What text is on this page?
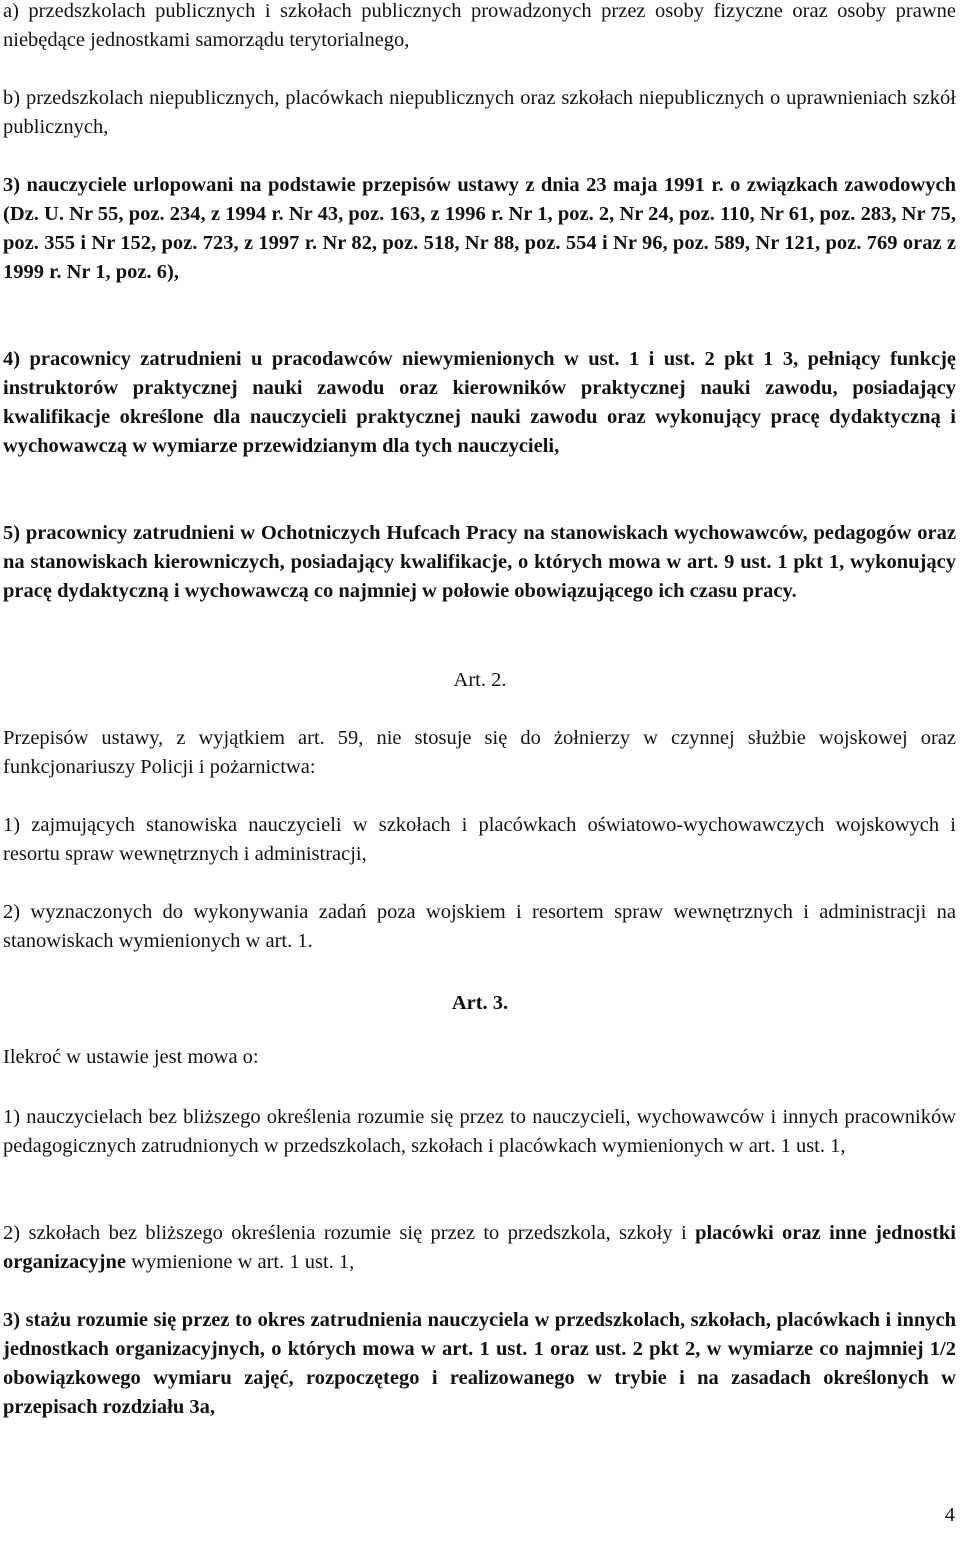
a) przedszkolach publicznych i szkołach publicznych prowadzonych przez osoby fizyczne oraz osoby prawne niebędące jednostkami samorządu terytorialnego,

b) przedszkolach niepublicznych, placówkach niepublicznych oraz szkołach niepublicznych o uprawnieniach szkół publicznych,

3) nauczyciele urlopowani na podstawie przepisów ustawy z dnia 23 maja 1991 r. o związkach zawodowych (Dz. U. Nr 55, poz. 234, z 1994 r. Nr 43, poz. 163, z 1996 r. Nr 1, poz. 2, Nr 24, poz. 110, Nr 61, poz. 283, Nr 75, poz. 355 i Nr 152, poz. 723, z 1997 r. Nr 82, poz. 518, Nr 88, poz. 554 i Nr 96, poz. 589, Nr 121, poz. 769 oraz z 1999 r. Nr 1, poz. 6),

4) pracownicy zatrudnieni u pracodawców niewymienionych w ust. 1 i ust. 2 pkt 1 3, pełniący funkcję instruktorów praktycznej nauki zawodu oraz kierowników praktycznej nauki zawodu, posiadający kwalifikacje określone dla nauczycieli praktycznej nauki zawodu oraz wykonujący pracę dydaktyczną i wychowawczą w wymiarze przewidzianym dla tych nauczycieli,

5) pracownicy zatrudnieni w Ochotniczych Hufcach Pracy na stanowiskach wychowawców, pedagogów oraz na stanowiskach kierowniczych, posiadający kwalifikacje, o których mowa w art. 9 ust. 1 pkt 1, wykonujący pracę dydaktyczną i wychowawczą co najmniej w połowie obowiązującego ich czasu pracy.

Art. 2.

Przepisów ustawy, z wyjątkiem art. 59, nie stosuje się do żołnierzy w czynnej służbie wojskowej oraz funkcjonariuszy Policji i pożarnictwa:

1) zajmujących stanowiska nauczycieli w szkołach i placówkach oświatowo-wychowawczych wojskowych i resortu spraw wewnętrznych i administracji,

2) wyznaczonych do wykonywania zadań poza wojskiem i resortem spraw wewnętrznych i administracji na stanowiskach wymienionych w art. 1.

Art. 3.

Ilekroć w ustawie jest mowa o:

1) nauczycielach bez bliższego określenia rozumie się przez to nauczycieli, wychowawców i innych pracowników pedagogicznych zatrudnionych w przedszkolach, szkołach i placówkach wymienionych w art. 1 ust. 1,

2) szkołach bez bliższego określenia rozumie się przez to przedszkola, szkoły i placówki oraz inne jednostki organizacyjne wymienione w art. 1 ust. 1,

3) stażu rozumie się przez to okres zatrudnienia nauczyciela w przedszkolach, szkołach, placówkach i innych jednostkach organizacyjnych, o których mowa w art. 1 ust. 1 oraz ust. 2 pkt 2, w wymiarze co najmniej 1/2 obowiązkowego wymiaru zajęć, rozpoczętego i realizowanego w trybie i na zasadach określonych w przepisach rozdziału 3a,

4
